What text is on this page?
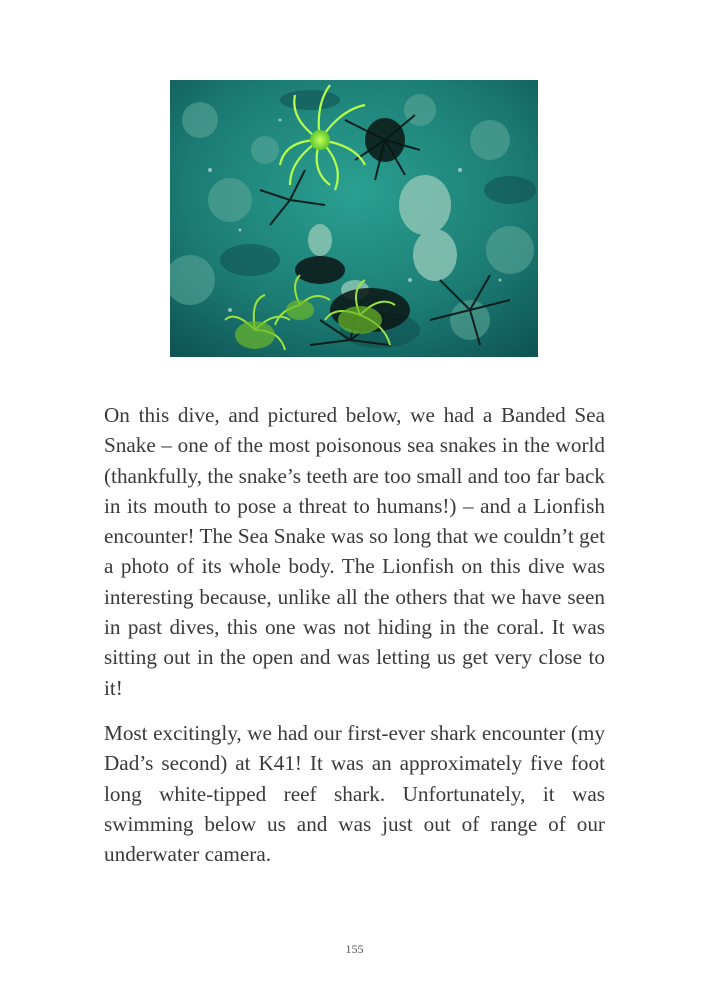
On this dive, and pictured below, we had a Banded Sea Snake – one of the most poisonous sea snakes in the world (thankfully, the snake’s teeth are too small and too far back in its mouth to pose a threat to humans!) – and a Lionfish encounter! The Sea Snake was so long that we couldn’t get a photo of its whole body. The Lionfish on this dive was interesting because, unlike all the others that we have seen in past dives, this one was not hiding in the coral. It was sitting out in the open and was letting us get very close to it!

Most excitingly, we had our first-ever shark encounter (my Dad’s second) at K41! It was an approximately five foot long white-tipped reef shark. Unfortunately, it was swimming below us and was just out of range of our underwater camera.

155
